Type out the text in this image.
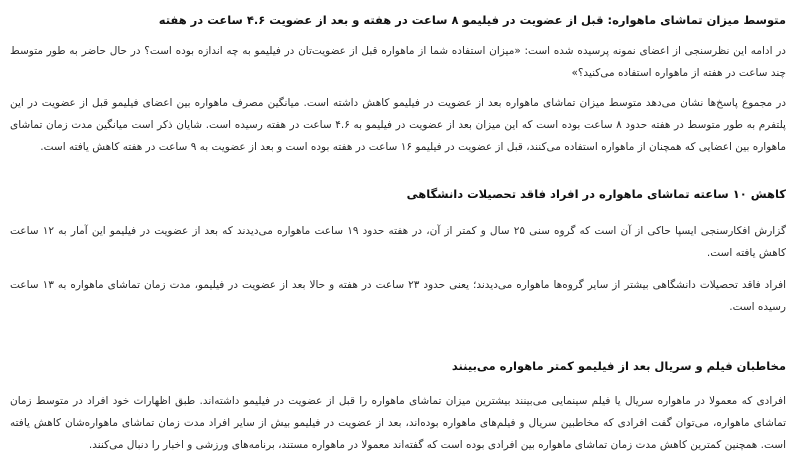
متوسط میزان تماشای ماهواره: قبل از عضویت در فیلیمو ۸ ساعت در هفته و بعد از عضویت ۴.۶ ساعت در هفته

در ادامه این نظرسنجی از اعضای نمونه پرسیده شده است: «میزان استفاده شما از ماهواره قبل از عضویت‌تان در فیلیمو به چه اندازه بوده است؟ در حال حاضر به طور متوسط چند ساعت در هفته از ماهواره استفاده می‌کنید؟»

در مجموع پاسخ‌ها نشان می‌دهد متوسط میزان تماشای ماهواره بعد از عضویت در فیلیمو کاهش داشته است. میانگین مصرف ماهواره بین اعضای فیلیمو قبل از عضویت در این پلتفرم به طور متوسط در هفته حدود ۸ ساعت بوده است که این میزان بعد از عضویت در فیلیمو به ۴.۶ ساعت در هفته رسیده است. شایان ذکر است میانگین مدت زمان تماشای ماهواره بین اعضایی که همچنان از ماهواره استفاده می‌کنند، قبل از عضویت در فیلیمو ۱۶ ساعت در هفته بوده است و بعد از عضویت به ۹ ساعت در هفته کاهش یافته است.

کاهش ۱۰ ساعته تماشای ماهواره در افراد فاقد تحصیلات دانشگاهی

گزارش افکارسنجی ایسپا حاکی از آن است که گروه سنی ۲۵ سال و کمتر از آن، در هفته حدود ۱۹ ساعت ماهواره می‌دیدند که بعد از عضویت در فیلیمو این آمار به ۱۲ ساعت کاهش یافته است.

افراد فاقد تحصیلات دانشگاهی بیشتر از سایر گروه‌ها ماهواره می‌دیدند؛ یعنی حدود ۲۳ ساعت در هفته و حالا بعد از عضویت در فیلیمو، مدت زمان تماشای ماهواره به ۱۳ ساعت رسیده است.

مخاطبان فیلم و سریال بعد از فیلیمو کمتر ماهواره می‌بینند

افرادی که معمولا در ماهواره سریال یا فیلم سینمایی می‌بینند بیشترین میزان تماشای ماهواره را قبل از عضویت در فیلیمو داشته‌اند. طبق اظهارات خود افراد در متوسط زمان تماشای ماهواره، می‌توان گفت افرادی که مخاطبین سریال و فیلم‌های ماهواره بوده‌اند، بعد از عضویت در فیلیمو بیش از سایر افراد مدت زمان تماشای ماهواره‌شان کاهش یافته است. همچنین کمترین کاهش مدت زمان تماشای ماهواره بین افرادی بوده است که گفته‌اند معمولا در ماهواره مستند، برنامه‌های ورزشی و اخبار را دنبال می‌کنند.
